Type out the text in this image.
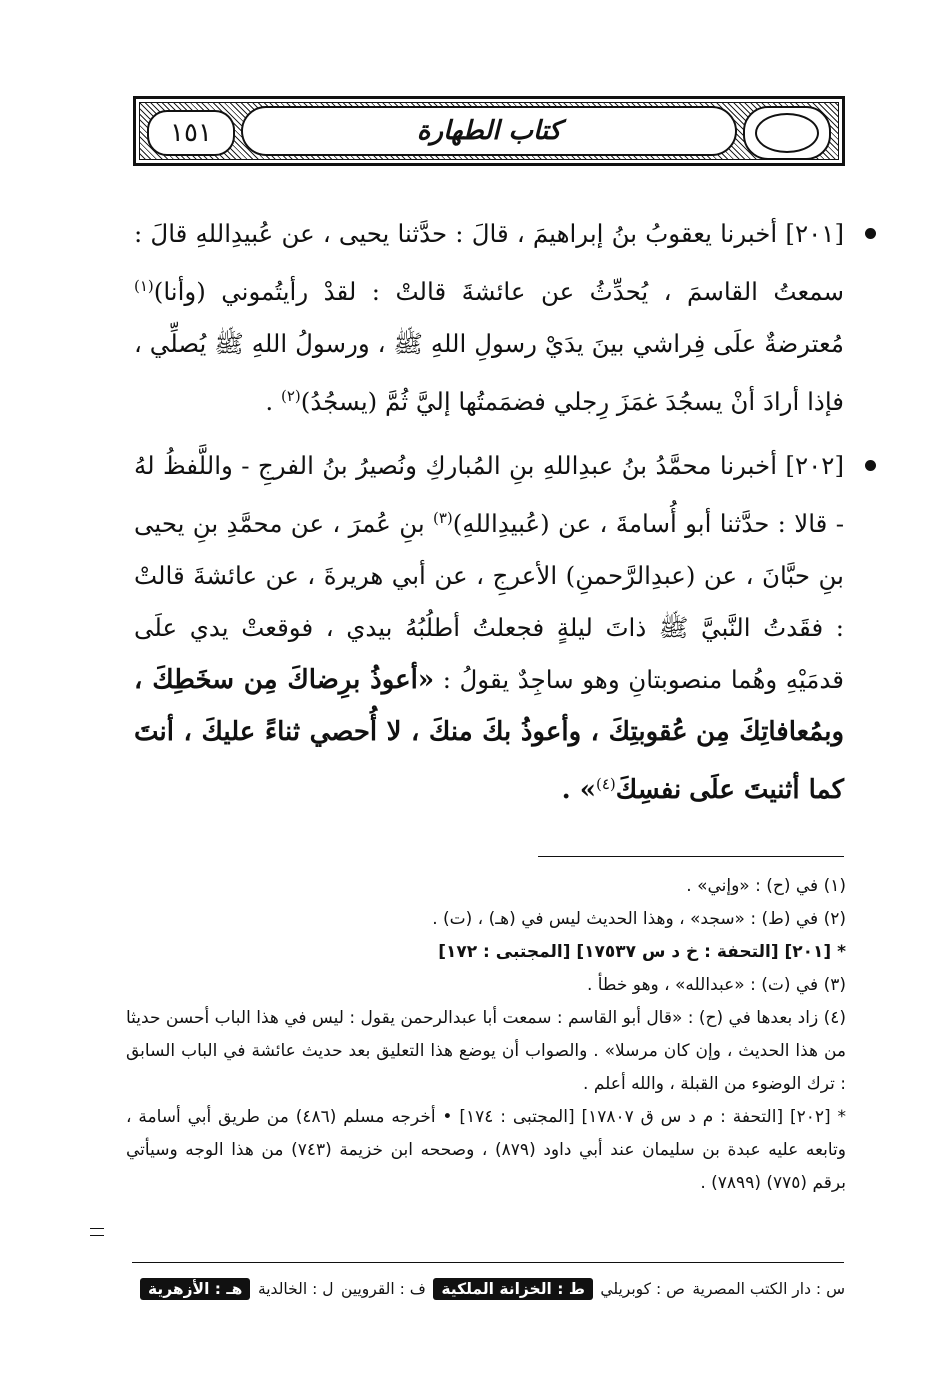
كتاب الطهارة
١٥١
[٢٠١] أخبرنا يعقوبُ بنُ إبراهيمَ ، قالَ : حدَّثنا يحيى ، عن عُبيدِاللهِ قالَ : سمعتُ القاسمَ ، يُحدِّثُ عن عائشةَ قالتْ : لقدْ رأيتُموني (وأنا)$^{(١)}$ مُعترضةٌ علَى فِراشي بينَ يدَيْ رسولِ اللهِ ﷺ ، ورسولُ اللهِ ﷺ يُصلِّي ، فإذا أرادَ أنْ يسجُدَ غمَزَ رِجلي فضمَمتُها إليَّ ثُمَّ (يسجُدُ)$^{(٢)}$ .
[٢٠٢] أخبرنا محمَّدُ بنُ عبدِاللهِ بنِ المُباركِ ونُصيرُ بنُ الفرجِ - واللَّفظُ لهُ - قالا : حدَّثنا أبو أُسامةَ ، عن (عُبيدِاللهِ)$^{(٣)}$ بنِ عُمرَ ، عن محمَّدِ بنِ يحيى بنِ حبَّانَ ، عن (عبدِالرَّحمنِ) الأعرجِ ، عن أبي هريرةَ ، عن عائشةَ قالتْ : فقَدتُ النَّبيَّ ﷺ ذاتَ ليلةٍ فجعلتُ أطلُبُهُ بيدي ، فوقعتْ يدي علَى قدمَيْهِ وهُما منصوبتانِ وهو ساجِدٌ يقولُ : «أعوذُ برِضاكَ مِن سخَطِكَ ، وبمُعافاتِكَ مِن عُقوبتِكَ ، وأعوذُ بكَ منكَ ، لا أُحصي ثناءً عليكَ ، أنتَ كما أثنيتَ علَى نفسِكَ$^{(٤)}$» .
(١) في (ح) : «وإني» .
(٢) في (ط) : «سجد» ، وهذا الحديث ليس في (هـ) ، (ت) .
* [٢٠١] [التحفة : خ د س ١٧٥٣٧] [المجتبى : ١٧٢]
(٣) في (ت) : «عبدالله» ، وهو خطأ .
(٤) زاد بعدها في (ح) : «قال أبو القاسم : سمعت أبا عبدالرحمن يقول : ليس في هذا الباب أحسن حديثا من هذا الحديث ، وإن كان مرسلا» . والصواب أن يوضع هذا التعليق بعد حديث عائشة في الباب السابق : ترك الوضوء من القبلة ، والله أعلم .
* [٢٠٢] [التحفة : م د س ق ١٧٨٠٧] [المجتبى : ١٧٤] • أخرجه مسلم (٤٨٦) من طريق أبي أسامة ، وتابعه عليه عبدة بن سليمان عند أبي داود (٨٧٩) ، وصححه ابن خزيمة (٧٤٣) من هذا الوجه وسيأتي برقم (٧٧٥) (٧٨٩٩) .
س : دار الكتب المصرية
ص : كوبريلي
ط : الخزانة الملكية
ف : القرويين
ل : الخالدية
هـ : الأزهرية
